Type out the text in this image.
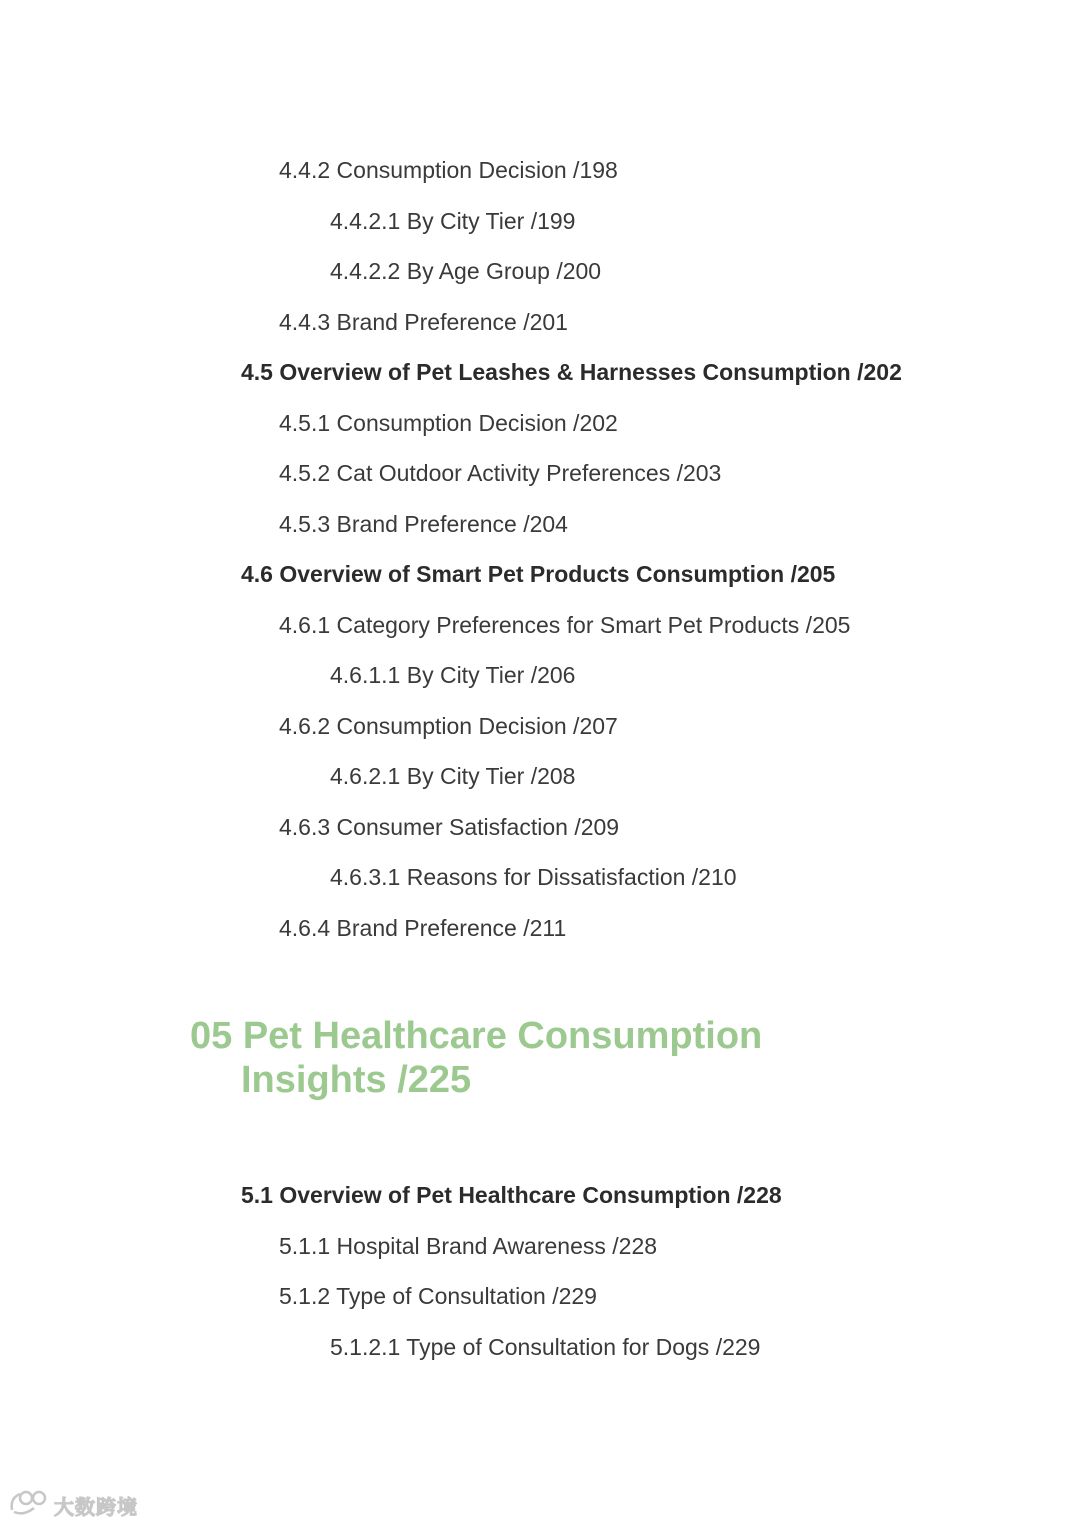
4.4.2 Consumption Decision /198
4.4.2.1 By City Tier /199
4.4.2.2 By Age Group /200
4.4.3 Brand Preference /201
4.5 Overview of Pet Leashes & Harnesses Consumption /202
4.5.1 Consumption Decision /202
4.5.2 Cat Outdoor Activity Preferences /203
4.5.3 Brand Preference /204
4.6 Overview of Smart Pet Products Consumption /205
4.6.1 Category Preferences for Smart Pet Products /205
4.6.1.1 By City Tier /206
4.6.2 Consumption Decision /207
4.6.2.1 By City Tier /208
4.6.3 Consumer Satisfaction /209
4.6.3.1 Reasons for Dissatisfaction /210
4.6.4 Brand Preference /211
05 Pet Healthcare Consumption
Insights /225
5.1 Overview of Pet Healthcare Consumption /228
5.1.1 Hospital Brand Awareness /228
5.1.2 Type of Consultation /229
5.1.2.1 Type of Consultation for Dogs /229
大数跨境
